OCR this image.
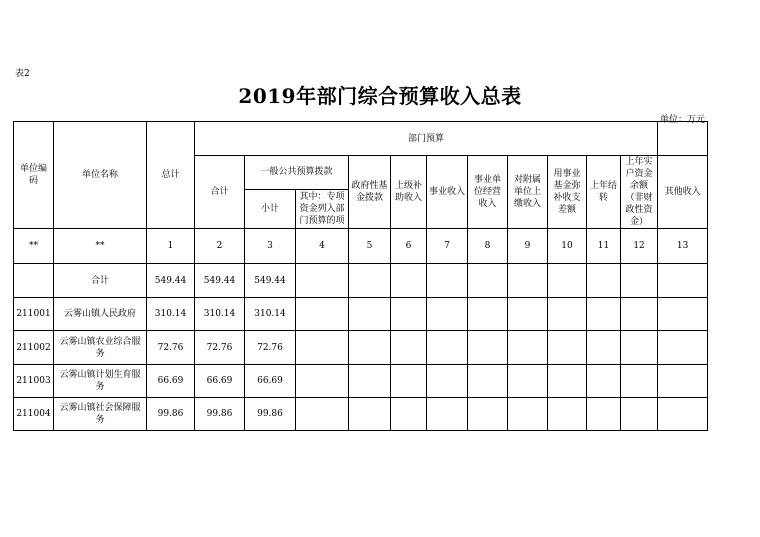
表2
2019年部门综合预算收入总表
单位：万元
单位编码	单位名称	总计	部门预算											
			合计	一般公共预算拨款		政府性基金拨款	上级补助收入	事业收入	事业单位经营收入	对附属单位上缴收入	用事业基金弥补收支差额	上年结转	上年实户资金余额（非财政性资金）	其他收入
				小计	其中：专项资金列入部门预算的项									
**	**	1	2	3	4	5	6	7	8	9	10	11	12	13
	合计	549.44	549.44	549.44										
211001	云雾山镇人民政府	310.14	310.14	310.14										
211002	云雾山镇农业综合服务	72.76	72.76	72.76										
211003	云雾山镇计划生育服务	66.69	66.69	66.69										
211004	云雾山镇社会保障服务	99.86	99.86	99.86										
